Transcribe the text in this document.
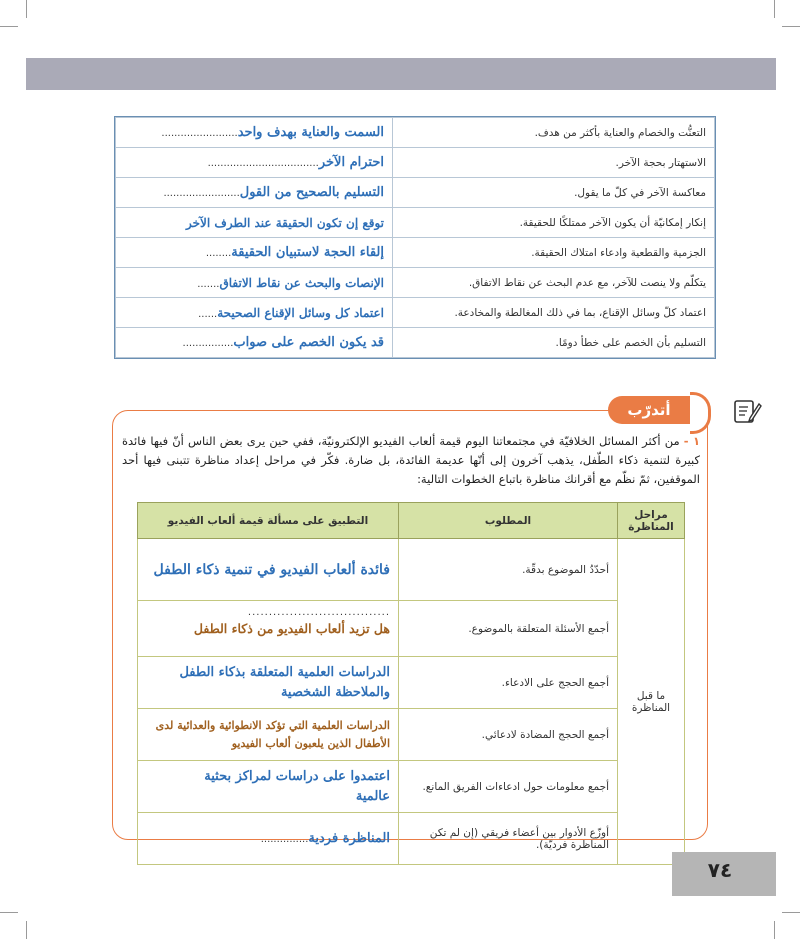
التعنُّت والخصام والعناية بأكثر من هدف.	السمت والعناية بهدف واحد........................
الاستهتار بحجة الآخر.	احترام الآخر...................................
معاكسة الآخر في كلّ ما يقول.	التسليم بالصحيح من القول........................
إنكار إمكانيّة أن يكون الآخر ممتلكًا للحقيقة.	توقع إن تكون الحقيقة عند الطرف الآخر
الجزمية والقطعية وادعاء امتلاك الحقيقة.	إلقاء الحجة لاستبيان الحقيقة........
يتكلّم ولا ينصت للآخر، مع عدم البحث عن نقاط الاتفاق.	الإنصات والبحث عن نقاط الاتفاق.......
اعتماد كلّ وسائل الإقناع، بما في ذلك المغالطة والمخادعة.	اعتماد كل وسائل الإقناع الصحيحة......
التسليم بأن الخصم على خطأ دومًا.	قد يكون الخصم على صواب................
أتدرّب
١ - من أكثر المسائل الخلافيّة في مجتمعاتنا اليوم قيمة ألعاب الفيديو الإلكترونيّة، ففي حين يرى بعض الناس أنّ فيها فائدة كبيرة لتنمية ذكاء الطّفل، يذهب آخرون إلى أنّها عديمة الفائدة، بل ضارة. فكّر في مراحل إعداد مناظرة تتبنى فيها أحد الموقفين، ثمّ نظّم مع أقرانك مناظرة باتباع الخطوات التالية:
مراحل المناظرة	المطلوب	التطبيق على مسألة قيمة ألعاب الفيديو
ما قبل المناظرة	أحدّدُ الموضوع بدقّة.	فائدة ألعاب الفيديو في تنمية ذكاء الطفل
	أجمع الأسئلة المتعلقة بالموضوع.	..................................
هل تزيد ألعاب الفيديو من ذكاء الطفل
	أجمع الحجج على الادعاء.	الدراسات العلمية المتعلقة بذكاء الطفل والملاحظة الشخصية

	أجمع الحجج المضادة لادعائي.	الدراسات العلمية التي تؤكد الانطوائية والعدائية لدى الأطفال الذين يلعبون ألعاب الفيديو

	أجمع معلومات حول ادعاءات الفريق المانع.	اعتمدوا على دراسات لمراكز بحثية عالمية

	أوزّع الأدوار بين أعضاء فريقي (إن لم تكن المناظرة فرديّة).	المناظرة فردية...............
٧٤
